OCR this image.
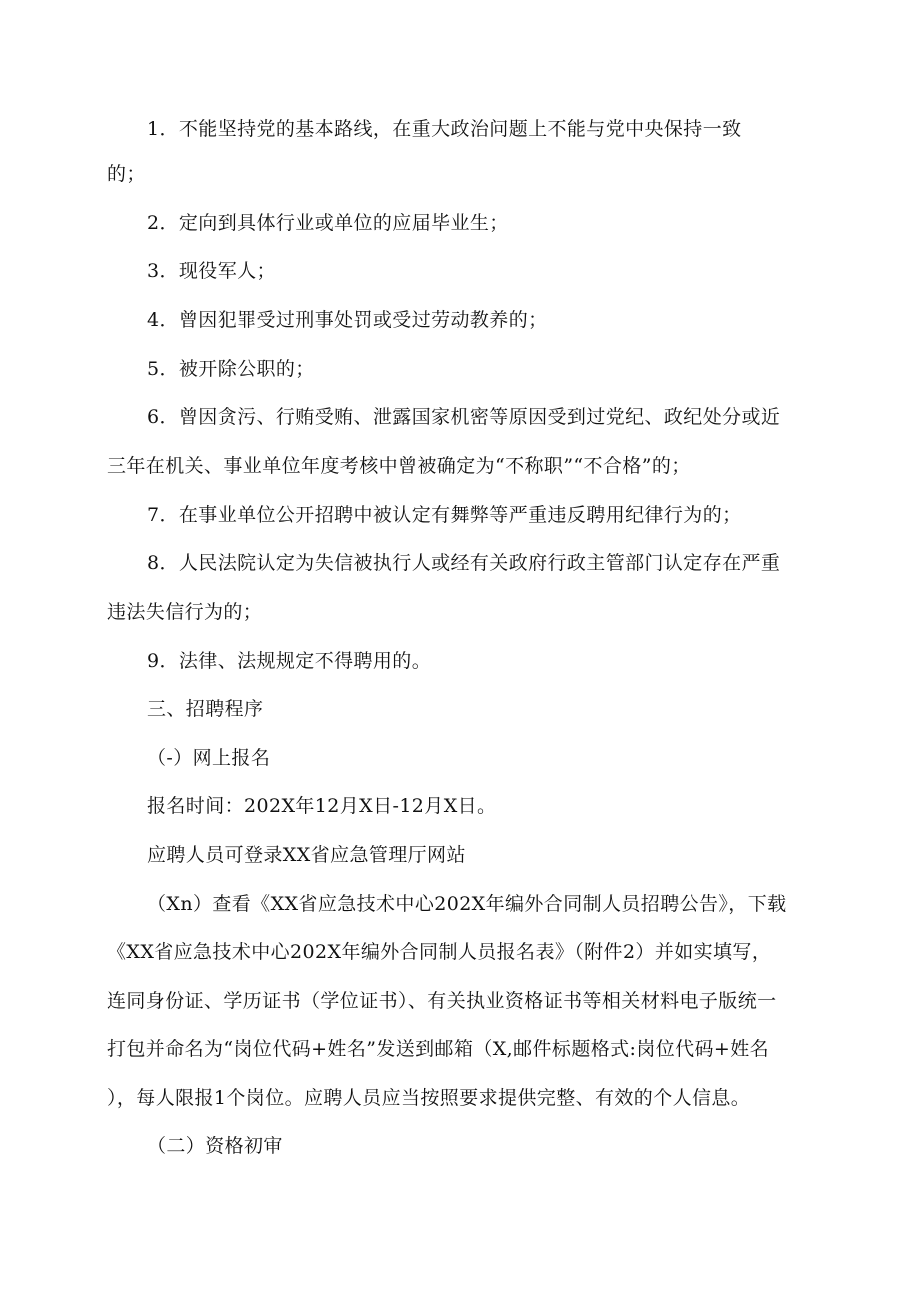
1．不能坚持党的基本路线，在重大政治问题上不能与党中央保持一致
的；
2．定向到具体行业或单位的应届毕业生；
3．现役军人；
4．曾因犯罪受过刑事处罚或受过劳动教养的；
5．被开除公职的；
6．曾因贪污、行贿受贿、泄露国家机密等原因受到过党纪、政纪处分或近
三年在机关、事业单位年度考核中曾被确定为“不称职”“不合格”的；
7．在事业单位公开招聘中被认定有舞弊等严重违反聘用纪律行为的；
8．人民法院认定为失信被执行人或经有关政府行政主管部门认定存在严重
违法失信行为的；
9．法律、法规规定不得聘用的。
三、招聘程序
（-）网上报名
报名时间：202X年12月X日-12月X日。
应聘人员可登录XX省应急管理厅网站
（Xn）查看《XX省应急技术中心202X年编外合同制人员招聘公告》，下载
《XX省应急技术中心202X年编外合同制人员报名表》（附件2）并如实填写，
连同身份证、学历证书（学位证书）、有关执业资格证书等相关材料电子版统一
打包并命名为“岗位代码+姓名”发送到邮箱（X,邮件标题格式:岗位代码+姓名
），每人限报1个岗位。应聘人员应当按照要求提供完整、有效的个人信息。
（二）资格初审
